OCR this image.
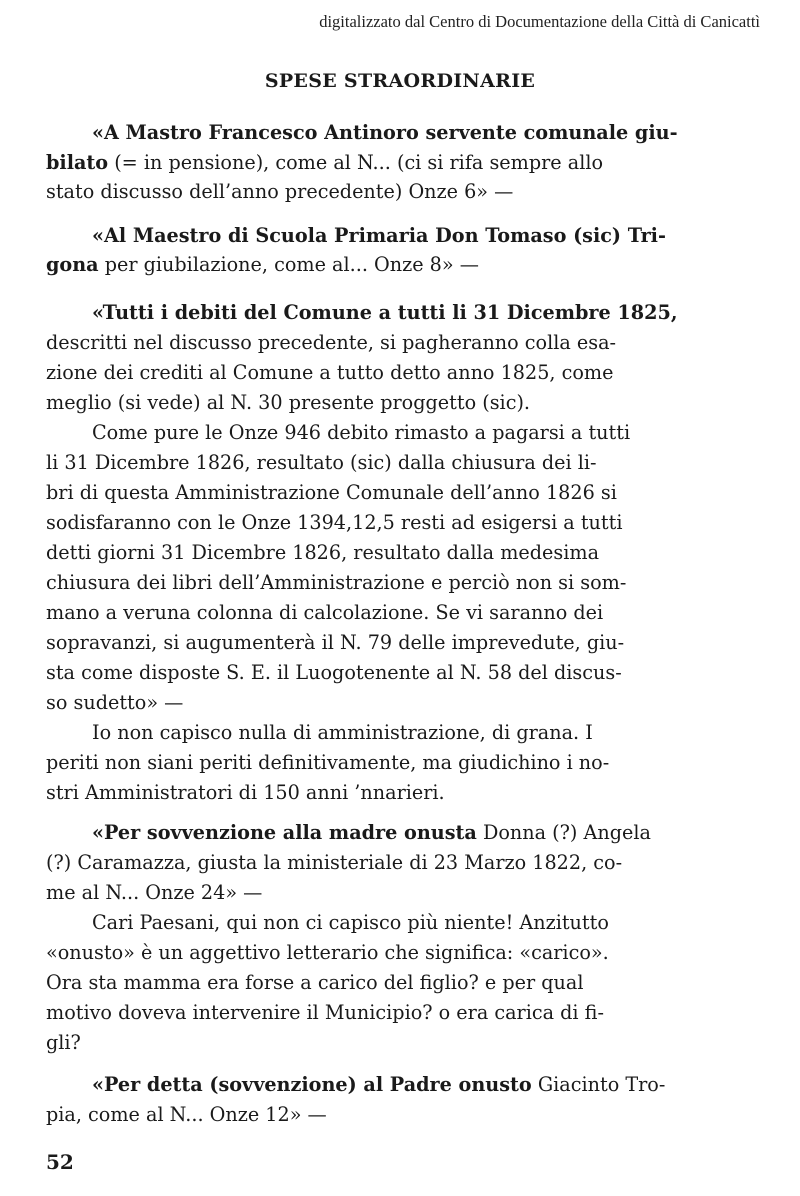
digitalizzato dal Centro di Documentazione della Città di Canicattì
SPESE STRAORDINARIE
«A Mastro Francesco Antinoro servente comunale giu-
bilato (= in pensione), come al N... (ci si rifa sempre allo
stato discusso dell’anno precedente) Onze 6» —
«Al Maestro di Scuola Primaria Don Tomaso (sic) Tri-
gona per giubilazione, come al... Onze 8» —
«Tutti i debiti del Comune a tutti li 31 Dicembre 1825,
descritti nel discusso precedente, si pagheranno colla esa-
zione dei crediti al Comune a tutto detto anno 1825, come
meglio (si vede) al N. 30 presente proggetto (sic).
Come pure le Onze 946 debito rimasto a pagarsi a tutti
li 31 Dicembre 1826, resultato (sic) dalla chiusura dei li-
bri di questa Amministrazione Comunale dell’anno 1826 si
sodisfaranno con le Onze 1394,12,5 resti ad esigersi a tutti
detti giorni 31 Dicembre 1826, resultato dalla medesima
chiusura dei libri dell’Amministrazione e perciò non si som-
mano a veruna colonna di calcolazione. Se vi saranno dei
sopravanzi, si augumenterà il N. 79 delle imprevedute, giu-
sta come disposte S. E. il Luogotenente al N. 58 del discus-
so sudetto» —
Io non capisco nulla di amministrazione, di grana. I
periti non siani periti definitivamente, ma giudichino i no-
stri Amministratori di 150 anni ’nnarieri.
«Per sovvenzione alla madre onusta Donna (?) Angela
(?) Caramazza, giusta la ministeriale di 23 Marzo 1822, co-
me al N... Onze 24» —
Cari Paesani, qui non ci capisco più niente! Anzitutto
«onusto» è un aggettivo letterario che significa: «carico».
Ora sta mamma era forse a carico del figlio? e per qual
motivo doveva intervenire il Municipio? o era carica di fi-
gli?
«Per detta (sovvenzione) al Padre onusto Giacinto Tro-
pia, come al N... Onze 12» —
52
